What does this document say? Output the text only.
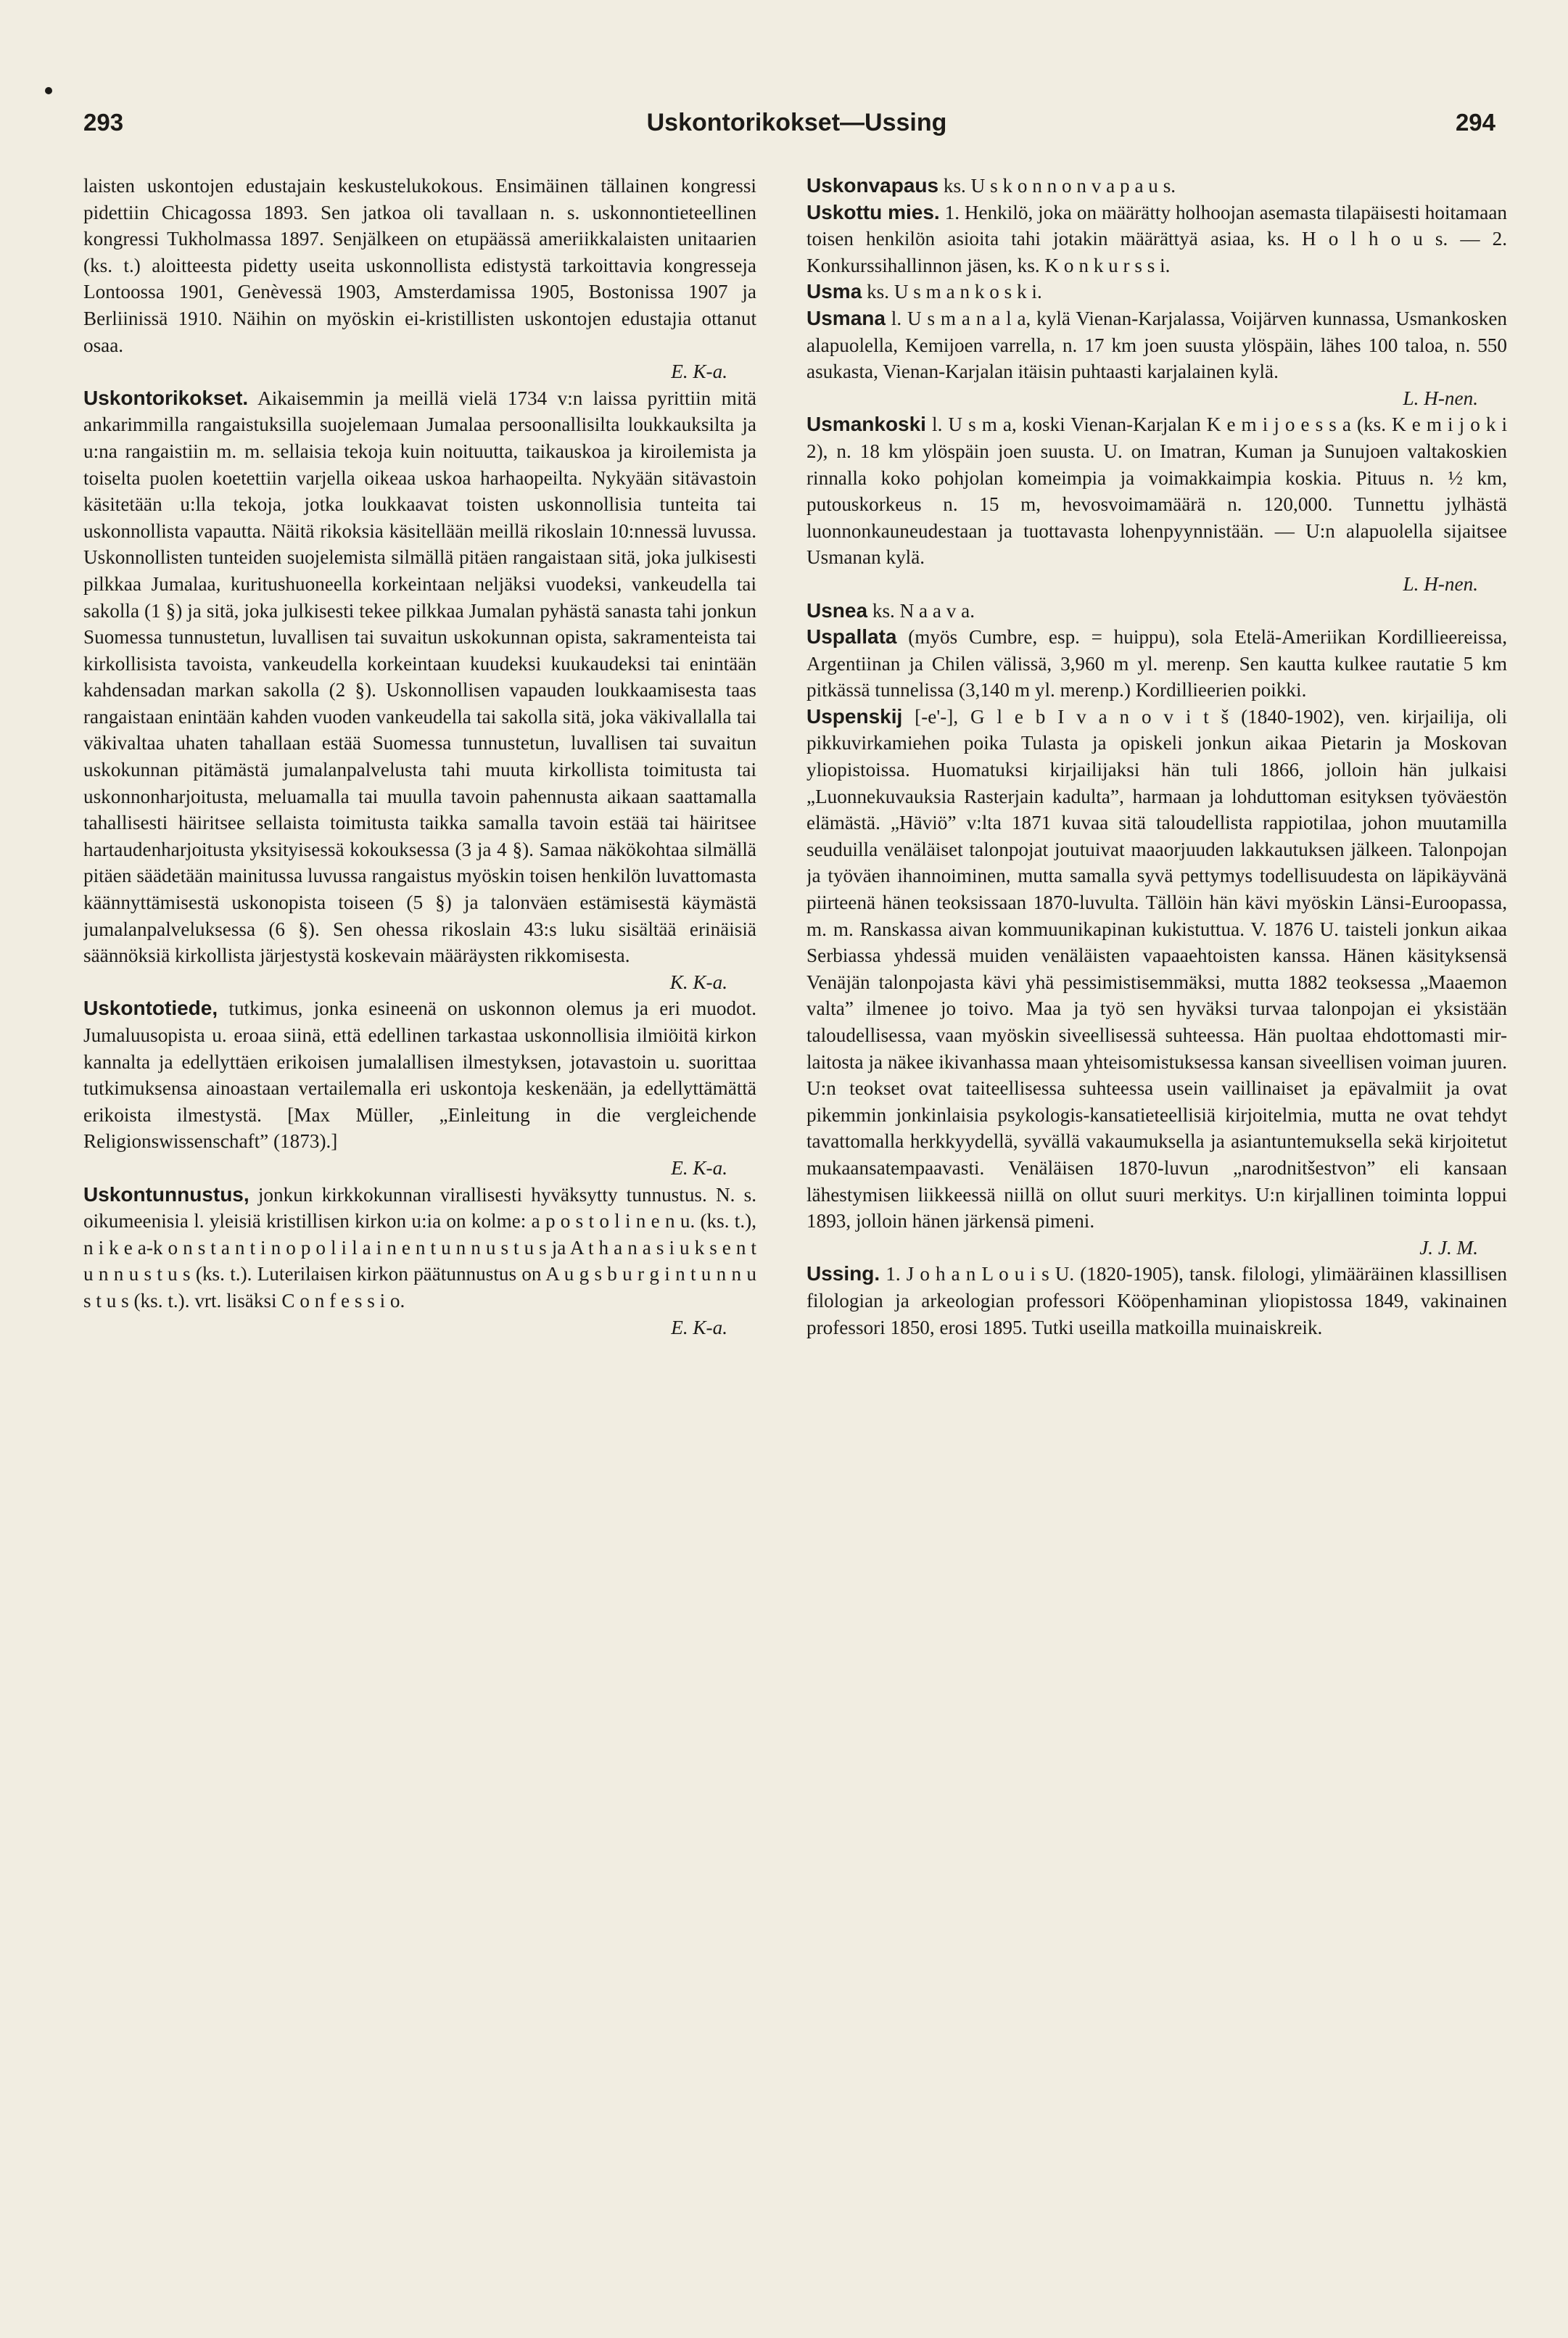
293	Uskontorikokset—Ussing	294

laisten uskontojen edustajain keskustelukokous. Ensimäinen tällainen kongressi pidettiin Chicagossa 1893. Sen jatkoa oli tavallaan n. s. uskonnontieteellinen kongressi Tukholmassa 1897. Senjälkeen on etupäässä ameriikkalaisten unitaarien (ks. t.) aloitteesta pidetty useita uskonnollista edistystä tarkoittavia kongresseja Lontoossa 1901, Genèvessä 1903, Amsterdamissa 1905, Bostonissa 1907 ja Berliinissä 1910. Näihin on myöskin ei-kristillisten uskontojen edustajia ottanut osaa.
E. K-a.

Uskontorikokset. Aikaisemmin ja meillä vielä 1734 v:n laissa pyrittiin mitä ankarimmilla rangaistuksilla suojelemaan Jumalaa persoonallisilta loukkauksilta ja u:na rangaistiin m. m. sellaisia tekoja kuin noituutta, taikauskoa ja kiroilemista ja toiselta puolen koetettiin varjella oikeaa uskoa harhaopeilta. Nykyään sitävastoin käsitetään u:lla tekoja, jotka loukkaavat toisten uskonnollisia tunteita tai uskonnollista vapautta. Näitä rikoksia käsitellään meillä rikoslain 10:nnessä luvussa. Uskonnollisten tunteiden suojelemista silmällä pitäen rangaistaan sitä, joka julkisesti pilkkaa Jumalaa, kuritushuoneella korkeintaan neljäksi vuodeksi, vankeudella tai sakolla (1 §) ja sitä, joka julkisesti tekee pilkkaa Jumalan pyhästä sanasta tahi jonkun Suomessa tunnustetun, luvallisen tai suvaitun uskokunnan opista, sakramenteista tai kirkollisista tavoista, vankeudella korkeintaan kuudeksi kuukaudeksi tai enintään kahdensadan markan sakolla (2 §). Uskonnollisen vapauden loukkaamisesta taas rangaistaan enintään kahden vuoden vankeudella tai sakolla sitä, joka väkivallalla tai väkivaltaa uhaten tahallaan estää Suomessa tunnustetun, luvallisen tai suvaitun uskokunnan pitämästä jumalanpalvelusta tahi muuta kirkollista toimitusta tai uskonnonharjoitusta, meluamalla tai muulla tavoin pahennusta aikaan saattamalla tahallisesti häiritsee sellaista toimitusta taikka samalla tavoin estää tai häiritsee hartaudenharjoitusta yksityisessä kokouksessa (3 ja 4 §). Samaa näkökohtaa silmällä pitäen säädetään mainitussa luvussa rangaistus myöskin toisen henkilön luvattomasta käännyttämisestä uskonopista toiseen (5 §) ja talonväen estämisestä käymästä jumalanpalveluksessa (6 §). Sen ohessa rikoslain 43:s luku sisältää erinäisiä säännöksiä kirkollista järjestystä koskevain määräysten rikkomisesta.
K. K-a.

Uskontotiede, tutkimus, jonka esineenä on uskonnon olemus ja eri muodot. Jumaluusopista u. eroaa siinä, että edellinen tarkastaa uskonnollisia ilmiöitä kirkon kannalta ja edellyttäen erikoisen jumalallisen ilmestyksen, jotavastoin u. suorittaa tutkimuksensa ainoastaan vertailemalla eri uskontoja keskenään, ja edellyttämättä erikoista ilmestystä. [Max Müller, „Einleitung in die vergleichende Religionswissenschaft” (1873).]
E. K-a.

Uskontunnustus, jonkun kirkkokunnan virallisesti hyväksytty tunnustus. N. s. oikumeenisia l. yleisiä kristillisen kirkon u:ia on kolme: a p o s t o l i n e n u. (ks. t.), n i k e a-k o n s t a n t i n o p o l i l a i n e n t u n n u s t u s ja A t h a n a s i u k s e n t u n n u s t u s (ks. t.). Luterilaisen kirkon päätunnustus on A u g s b u r g i n t u n n u s t u s (ks. t.). vrt. lisäksi C o n f e s s i o.
E. K-a.

Uskonvapaus ks. U s k o n n o n v a p a u s.

Uskottu mies. 1. Henkilö, joka on määrätty holhoojan asemasta tilapäisesti hoitamaan toisen henkilön asioita tahi jotakin määrättyä asiaa, ks. H o l h o u s. — 2. Konkurssihallinnon jäsen, ks. K o n k u r s s i.

Usma ks. U s m a n k o s k i.

Usmana l. U s m a n a l a, kylä Vienan-Karjalassa, Voijärven kunnassa, Usmankosken alapuolella, Kemijoen varrella, n. 17 km joen suusta ylöspäin, lähes 100 taloa, n. 550 asukasta, Vienan-Karjalan itäisin puhtaasti karjalainen kylä.
L. H-nen.

Usmankoski l. U s m a, koski Vienan-Karjalan K e m i j o e s s a (ks. K e m i j o k i 2), n. 18 km ylöspäin joen suusta. U. on Imatran, Kuman ja Sunujoen valtakoskien rinnalla koko pohjolan komeimpia ja voimakkaimpia koskia. Pituus n. ½ km, putouskorkeus n. 15 m, hevosvoimamäärä n. 120,000. Tunnettu jylhästä luonnonkauneudestaan ja tuottavasta lohenpyynnistään. — U:n alapuolella sijaitsee Usmanan kylä.
L. H-nen.

Usnea ks. N a a v a.

Uspallata (myös Cumbre, esp. = huippu), sola Etelä-Ameriikan Kordillieereissa, Argentiinan ja Chilen välissä, 3,960 m yl. merenp. Sen kautta kulkee rautatie 5 km pitkässä tunnelissa (3,140 m yl. merenp.) Kordillieerien poikki.

Uspenskij [-e'-], G l e b I v a n o v i t š (1840-1902), ven. kirjailija, oli pikkuvirkamiehen poika Tulasta ja opiskeli jonkun aikaa Pietarin ja Moskovan yliopistoissa. Huomatuksi kirjailijaksi hän tuli 1866, jolloin hän julkaisi „Luonnekuvauksia Rasterjain kadulta”, harmaan ja lohduttoman esityksen työväestön elämästä. „Häviö” v:lta 1871 kuvaa sitä taloudellista rappiotilaa, johon muutamilla seuduilla venäläiset talonpojat joutuivat maaorjuuden lakkautuksen jälkeen. Talonpojan ja työväen ihannoiminen, mutta samalla syvä pettymys todellisuudesta on läpikäyvänä piirteenä hänen teoksissaan 1870-luvulta. Tällöin hän kävi myöskin Länsi-Euroopassa, m. m. Ranskassa aivan kommuunikapinan kukistuttua. V. 1876 U. taisteli jonkun aikaa Serbiassa yhdessä muiden venäläisten vapaaehtoisten kanssa. Hänen käsityksensä Venäjän talonpojasta kävi yhä pessimistisemmäksi, mutta 1882 teoksessa „Maaemon valta” ilmenee jo toivo. Maa ja työ sen hyväksi turvaa talonpojan ei yksistään taloudellisessa, vaan myöskin siveellisessä suhteessa. Hän puoltaa ehdottomasti mir-laitosta ja näkee ikivanhassa maan yhteisomistuksessa kansan siveellisen voiman juuren. U:n teokset ovat taiteellisessa suhteessa usein vaillinaiset ja epävalmiit ja ovat pikemmin jonkinlaisia psykologis-kansatieteellisiä kirjoitelmia, mutta ne ovat tehdyt tavattomalla herkkyydellä, syvällä vakaumuksella ja asiantuntemuksella sekä kirjoitetut mukaansatempaavasti. Venäläisen 1870-luvun „narodnitšestvon” eli kansaan lähestymisen liikkeessä niillä on ollut suuri merkitys. U:n kirjallinen toiminta loppui 1893, jolloin hänen järkensä pimeni.
J. J. M.

Ussing. 1. J o h a n L o u i s U. (1820-1905), tansk. filologi, ylimääräinen klassillisen filologian ja arkeologian professori Kööpenhaminan yliopistossa 1849, vakinainen professori 1850, erosi 1895. Tutki useilla matkoilla muinaiskreik.
